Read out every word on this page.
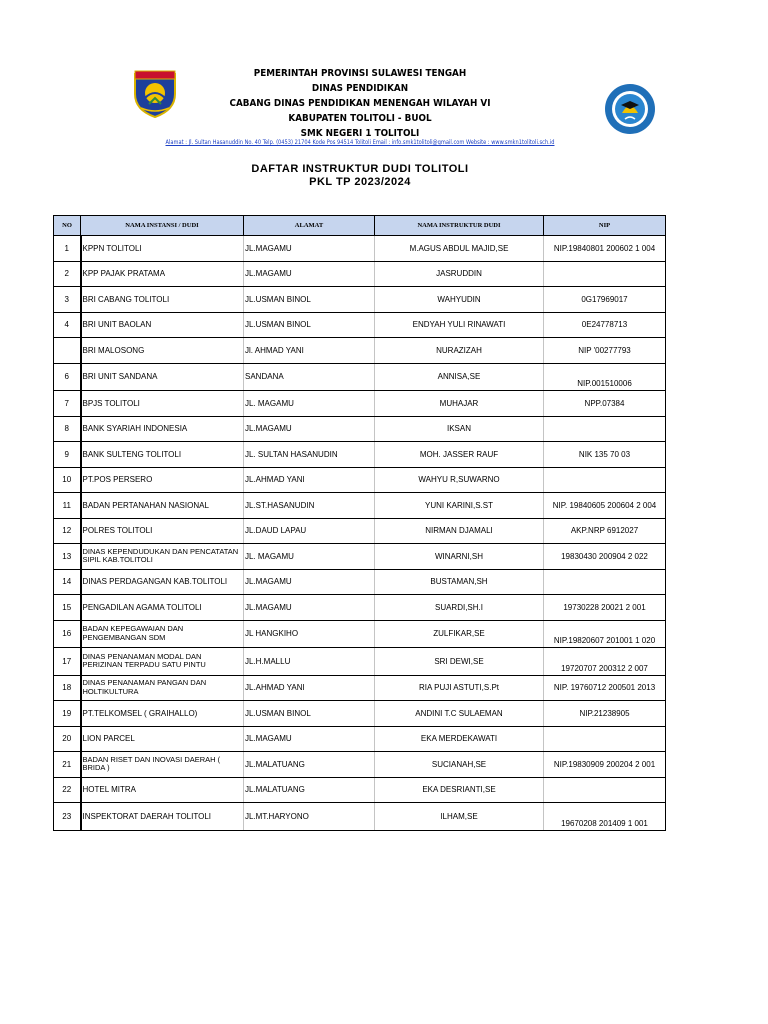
PEMERINTAH PROVINSI SULAWESI TENGAH
DINAS PENDIDIKAN
CABANG DINAS PENDIDIKAN MENENGAH WILAYAH VI
KABUPATEN TOLITOLI - BUOL
SMK NEGERI 1 TOLITOLI
Alamat : Jl. Sultan Hasanuddin No. 40 Telp. (0453) 21704 Kode Pos 94514 Tolitoli Email : info.smk1tolitoli@gmail.com Website : www.smkn1tolitoli.sch.id
DAFTAR INSTRUKTUR DUDI TOLITOLI
PKL TP 2023/2024
NO	NAMA INSTANSI / DUDI	ALAMAT	NAMA INSTRUKTUR DUDI	NIP
1	KPPN TOLITOLI	JL.MAGAMU	M.AGUS ABDUL MAJID,SE	NIP.19840801 200602 1 004
2	KPP PAJAK PRATAMA	JL.MAGAMU	JASRUDDIN	
3	BRI CABANG TOLITOLI	JL.USMAN BINOL	WAHYUDIN	0G17969017
4	BRI UNIT BAOLAN	JL.USMAN BINOL	ENDYAH YULI RINAWATI	0E24778713
	BRI MALOSONG	Jl. AHMAD YANI	NURAZIZAH	NIP '00277793
6	BRI UNIT SANDANA	SANDANA	ANNISA,SE	NIP.001510006
7	BPJS TOLITOLI	JL. MAGAMU	MUHAJAR	NPP.07384
8	BANK SYARIAH INDONESIA	JL.MAGAMU	IKSAN	
9	BANK SULTENG TOLITOLI	JL. SULTAN HASANUDIN	MOH. JASSER RAUF	NIK 135 70 03
10	PT.POS PERSERO	JL.AHMAD YANI	WAHYU R,SUWARNO	
11	BADAN PERTANAHAN NASIONAL	JL.ST.HASANUDIN	YUNI KARINI,S.ST	NIP. 19840605 200604 2 004
12	POLRES TOLITOLI	JL.DAUD LAPAU	NIRMAN DJAMALI	AKP.NRP 6912027
13	DINAS KEPENDUDUKAN DAN PENCATATAN SIPIL KAB.TOLITOLI	JL. MAGAMU	WINARNI,SH	19830430 200904 2 022
14	DINAS PERDAGANGAN KAB.TOLITOLI	JL.MAGAMU	BUSTAMAN,SH	
15	PENGADILAN AGAMA TOLITOLI	JL.MAGAMU	SUARDI,SH.I	19730228 20021 2 001
16	BADAN KEPEGAWAIAN DAN PENGEMBANGAN SDM	JL HANGKIHO	ZULFIKAR,SE	NIP.19820607 201001 1 020
17	DINAS PENANAMAN MODAL DAN PERIZINAN TERPADU SATU PINTU	JL.H.MALLU	SRI DEWI,SE	19720707 200312 2 007
18	DINAS PENANAMAN PANGAN DAN HOLTIKULTURA	JL.AHMAD YANI	RIA PUJI ASTUTI,S.Pt	NIP. 19760712 200501 2013
19	PT.TELKOMSEL ( GRAIHALLO)	JL.USMAN BINOL	ANDINI T.C SULAEMAN	NIP.21238905
20	LION PARCEL	JL.MAGAMU	EKA MERDEKAWATI	
21	BADAN RISET DAN INOVASI DAERAH ( BRIDA )	JL.MALATUANG	SUCIANAH,SE	NIP.19830909 200204 2 001
22	HOTEL MITRA	JL.MALATUANG	EKA DESRIANTI,SE	
23	INSPEKTORAT DAERAH TOLITOLI	JL.MT.HARYONO	ILHAM,SE	19670208 201409 1 001
